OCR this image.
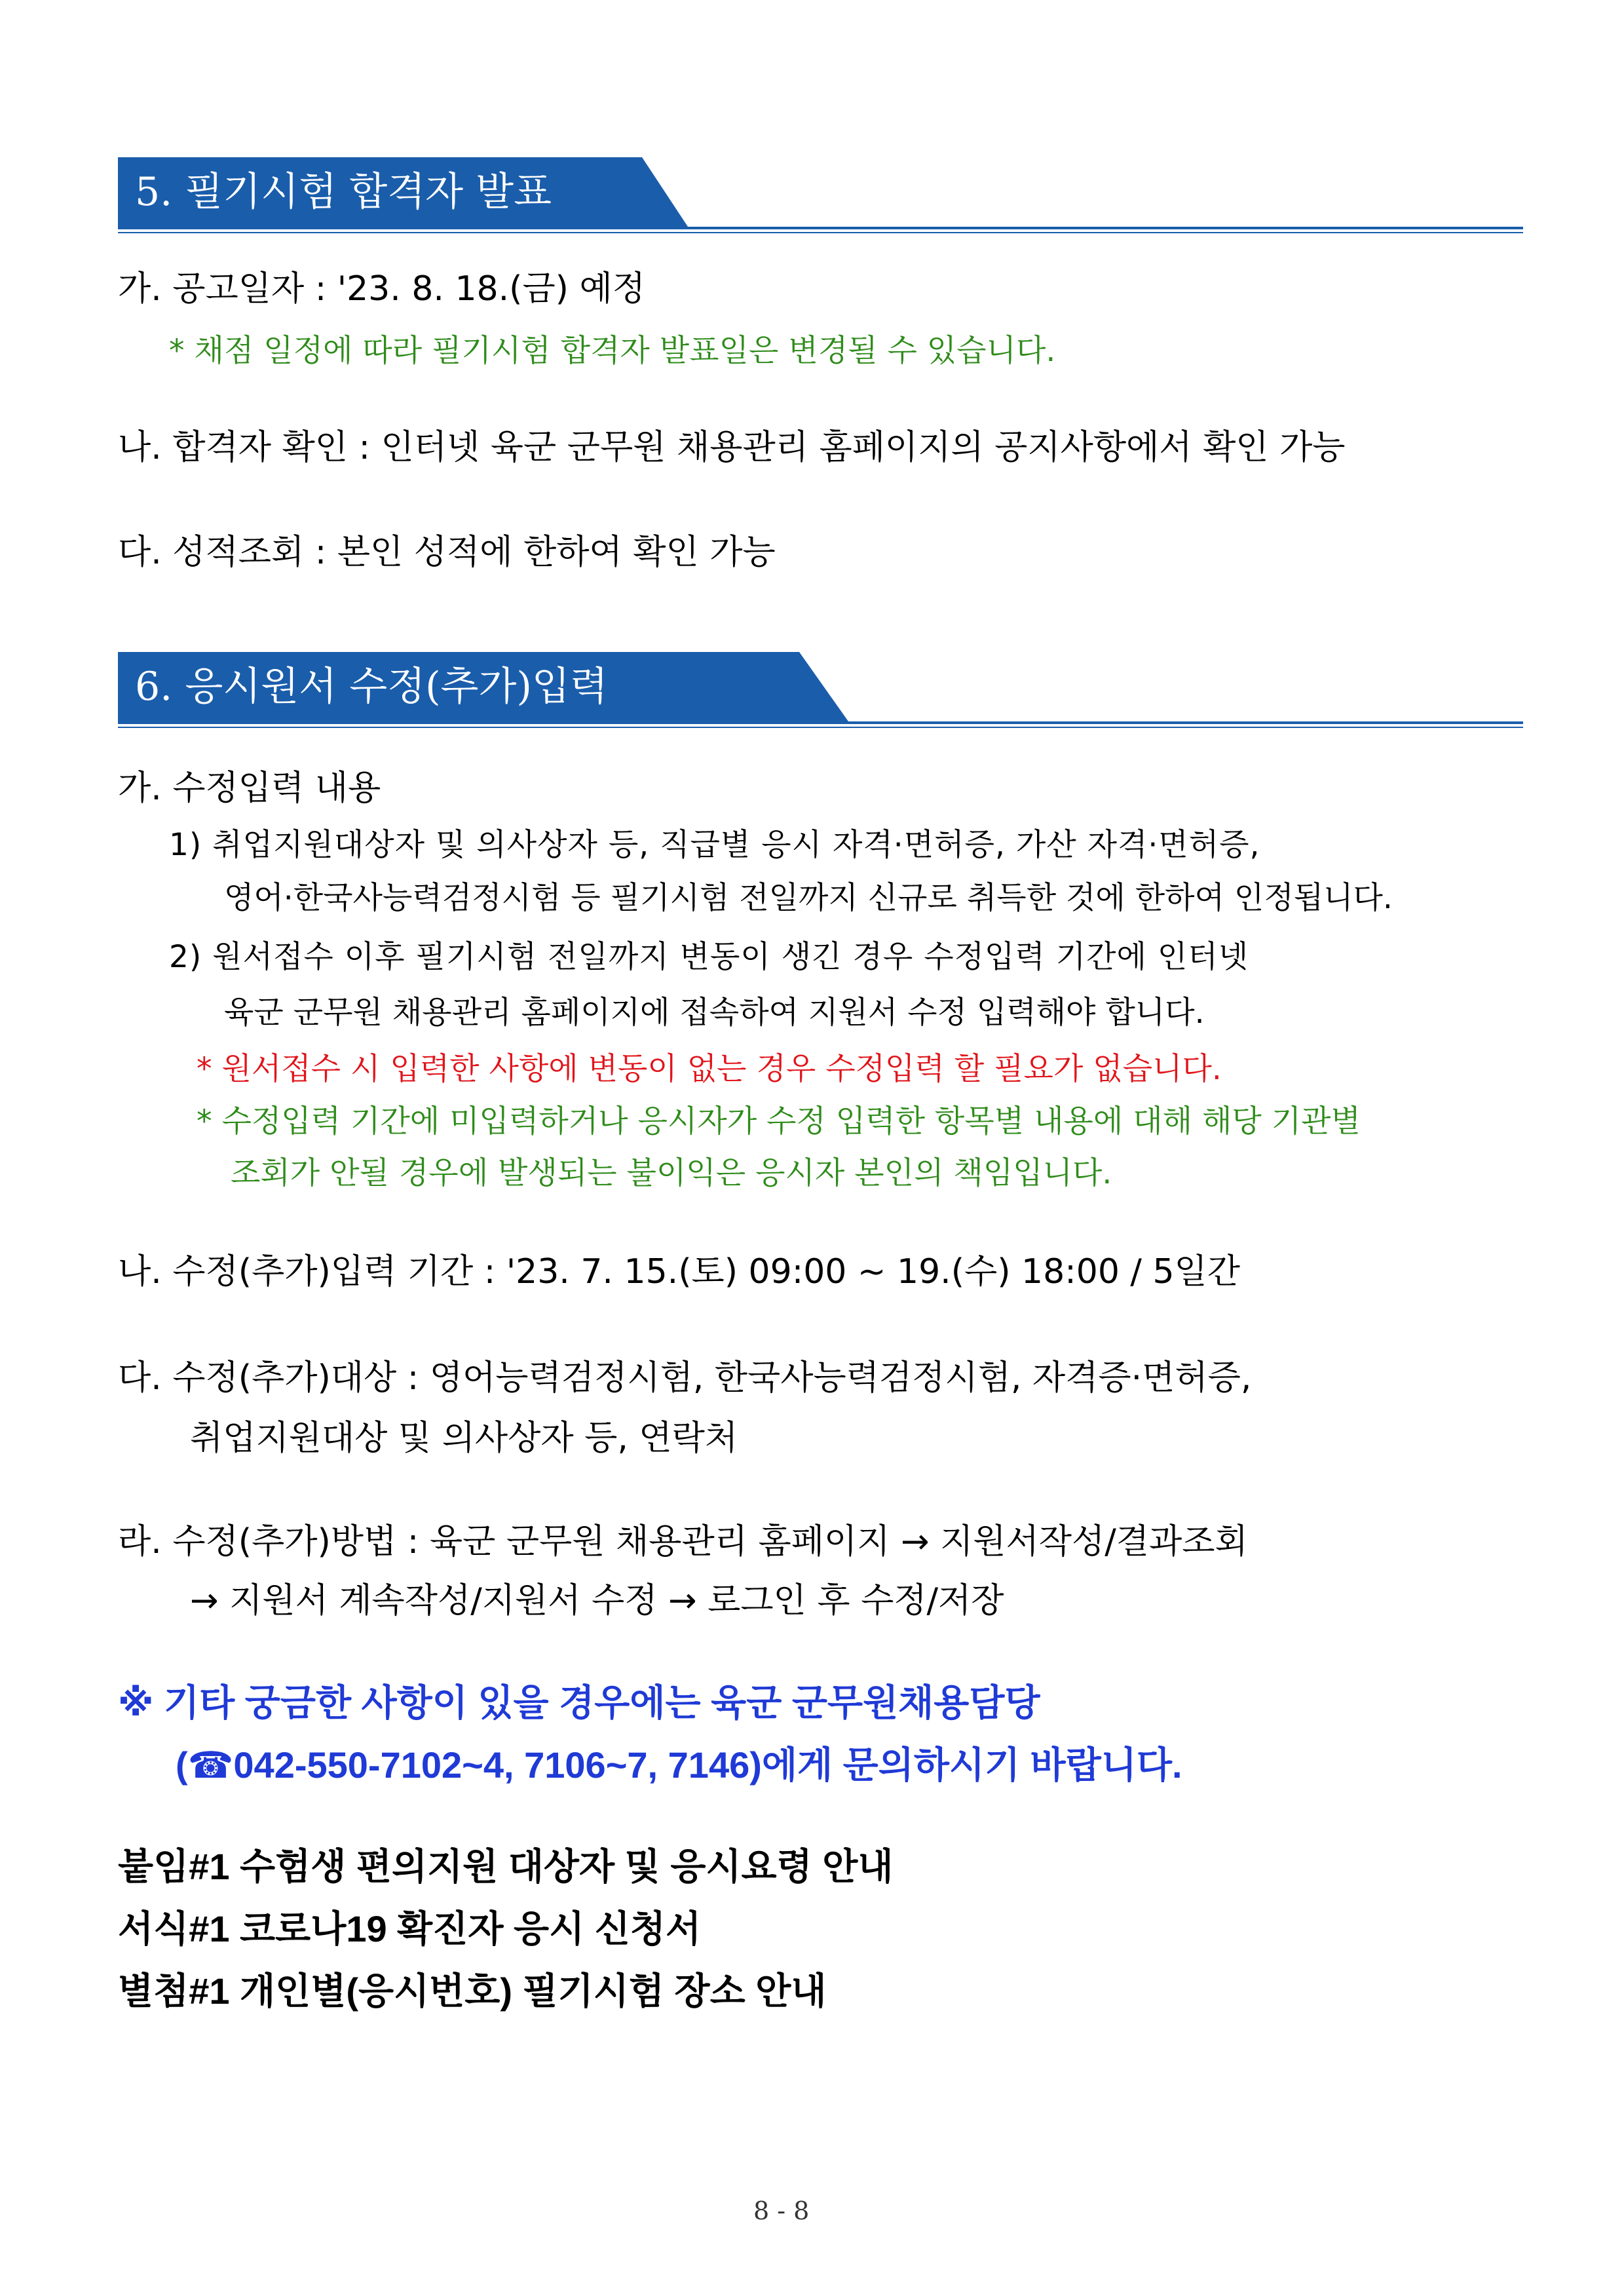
5. 필기시험 합격자 발표
가. 공고일자 : '23. 8. 18.(금) 예정
* 채점 일정에 따라 필기시험 합격자 발표일은 변경될 수 있습니다.
나. 합격자 확인 : 인터넷 육군 군무원 채용관리 홈페이지의 공지사항에서 확인 가능
다. 성적조회 : 본인 성적에 한하여 확인 가능
6. 응시원서 수정(추가)입력
가. 수정입력 내용
1) 취업지원대상자 및 의사상자 등, 직급별 응시 자격·면허증, 가산 자격·면허증,
영어·한국사능력검정시험 등 필기시험 전일까지 신규로 취득한 것에 한하여 인정됩니다.
2) 원서접수 이후 필기시험 전일까지 변동이 생긴 경우 수정입력 기간에 인터넷
육군 군무원 채용관리 홈페이지에 접속하여 지원서 수정 입력해야 합니다.
* 원서접수 시 입력한 사항에 변동이 없는 경우 수정입력 할 필요가 없습니다.
* 수정입력 기간에 미입력하거나 응시자가 수정 입력한 항목별 내용에 대해 해당 기관별
조회가 안될 경우에 발생되는 불이익은 응시자 본인의 책임입니다.
나. 수정(추가)입력 기간 : '23. 7. 15.(토) 09:00 ~ 19.(수) 18:00 / 5일간
다. 수정(추가)대상 : 영어능력검정시험, 한국사능력검정시험, 자격증·면허증,
취업지원대상 및 의사상자 등, 연락처
라. 수정(추가)방법 : 육군 군무원 채용관리 홈페이지 → 지원서작성/결과조회
→ 지원서 계속작성/지원서 수정 → 로그인 후 수정/저장
※ 기타 궁금한 사항이 있을 경우에는 육군 군무원채용담당
(☎042-550-7102~4, 7106~7, 7146)에게 문의하시기 바랍니다.
붙임#1 수험생 편의지원 대상자 및 응시요령 안내
서식#1 코로나19 확진자 응시 신청서
별첨#1 개인별(응시번호) 필기시험 장소 안내
8 - 8
